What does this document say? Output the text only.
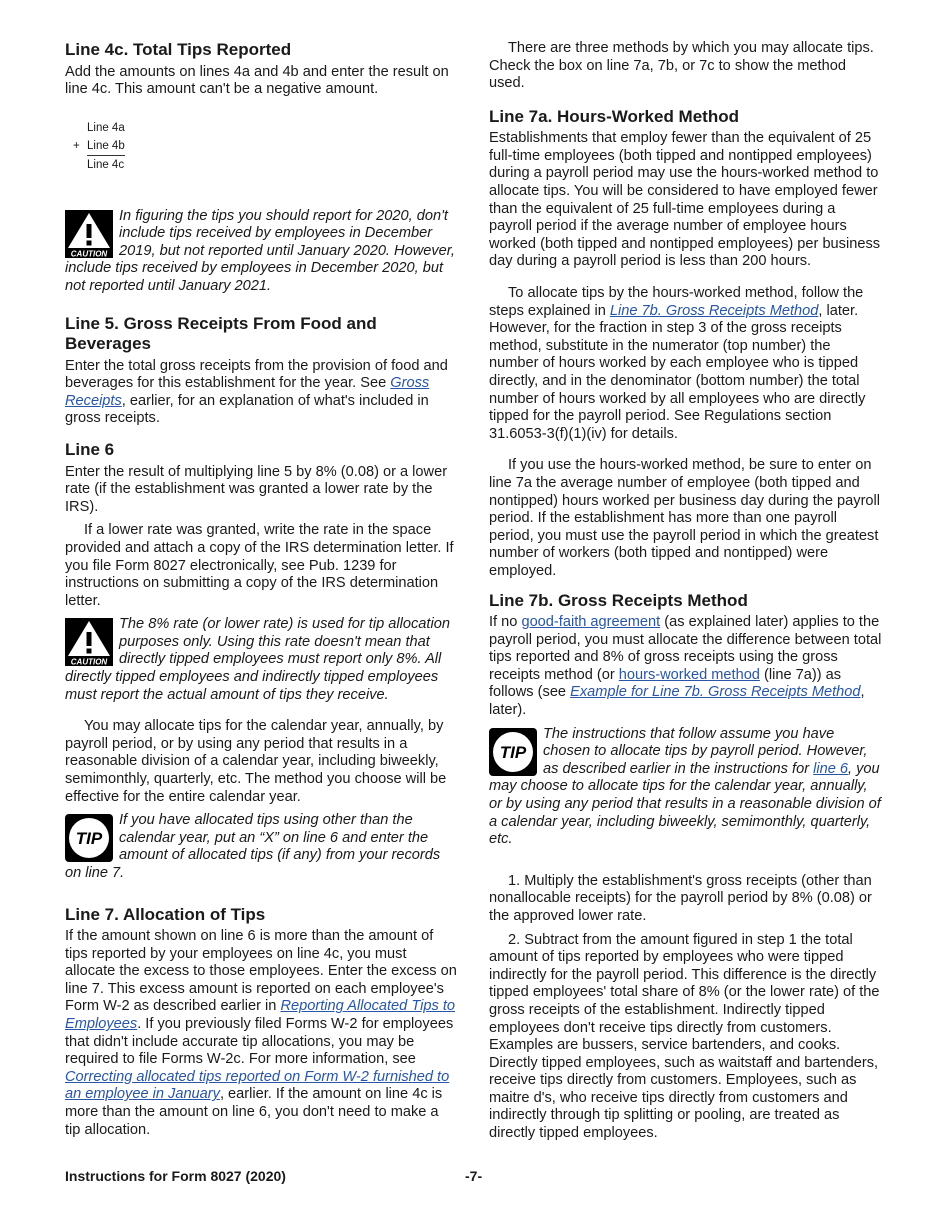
Line 4c. Total Tips Reported

Add the amounts on lines 4a and 4b and enter the result on line 4c. This amount can't be a negative amount.

Line 4a
+ Line 4b
Line 4c
CAUTION
In figuring the tips you should report for 2020, don't include tips received by employees in December 2019, but not reported until January 2020. However, include tips received by employees in December 2020, but not reported until January 2021.
Line 5. Gross Receipts From Food and Beverages

Enter the total gross receipts from the provision of food and beverages for this establishment for the year. See Gross Receipts, earlier, for an explanation of what's included in gross receipts.

Line 6

Enter the result of multiplying line 5 by 8% (0.08) or a lower rate (if the establishment was granted a lower rate by the IRS).

If a lower rate was granted, write the rate in the space provided and attach a copy of the IRS determination letter. If you file Form 8027 electronically, see Pub. 1239 for instructions on submitting a copy of the IRS determination letter.

CAUTION
The 8% rate (or lower rate) is used for tip allocation purposes only. Using this rate doesn't mean that directly tipped employees must report only 8%. All directly tipped employees and indirectly tipped employees must report the actual amount of tips they receive.

You may allocate tips for the calendar year, annually, by payroll period, or by using any period that results in a reasonable division of a calendar year, including biweekly, semimonthly, quarterly, etc. The method you choose will be effective for the entire calendar year.

TIP
If you have allocated tips using other than the calendar year, put an “X” on line 6 and enter the amount of allocated tips (if any) from your records on line 7.
Line 7. Allocation of Tips

If the amount shown on line 6 is more than the amount of tips reported by your employees on line 4c, you must allocate the excess to those employees. Enter the excess on line 7. This excess amount is reported on each employee's Form W-2 as described earlier in Reporting Allocated Tips to Employees. If you previously filed Forms W-2 for employees that didn't include accurate tip allocations, you may be required to file Forms W-2c. For more information, see Correcting allocated tips reported on Form W-2 furnished to an employee in January, earlier. If the amount on line 4c is more than the amount on line 6, you don't need to make a tip allocation.

There are three methods by which you may allocate tips. Check the box on line 7a, 7b, or 7c to show the method used.

Line 7a. Hours-Worked Method

Establishments that employ fewer than the equivalent of 25 full-time employees (both tipped and nontipped employees) during a payroll period may use the hours-worked method to allocate tips. You will be considered to have employed fewer than the equivalent of 25 full-time employees during a payroll period if the average number of employee hours worked (both tipped and nontipped employees) per business day during a payroll period is less than 200 hours.

To allocate tips by the hours-worked method, follow the steps explained in Line 7b. Gross Receipts Method, later. However, for the fraction in step 3 of the gross receipts method, substitute in the numerator (top number) the number of hours worked by each employee who is tipped directly, and in the denominator (bottom number) the total number of hours worked by all employees who are directly tipped for the payroll period. See Regulations section 31.6053-3(f)(1)(iv) for details.

If you use the hours-worked method, be sure to enter on line 7a the average number of employee (both tipped and nontipped) hours worked per business day during the payroll period. If the establishment has more than one payroll period, you must use the payroll period in which the greatest number of workers (both tipped and nontipped) were employed.

Line 7b. Gross Receipts Method

If no good-faith agreement (as explained later) applies to the payroll period, you must allocate the difference between total tips reported and 8% of gross receipts using the gross receipts method (or hours-worked method (line 7a)) as follows (see Example for Line 7b. Gross Receipts Method, later).

TIP
The instructions that follow assume you have chosen to allocate tips by payroll period. However, as described earlier in the instructions for line 6, you may choose to allocate tips for the calendar year, annually, or by using any period that results in a reasonable division of a calendar year, including biweekly, semimonthly, quarterly, etc.

1. Multiply the establishment's gross receipts (other than nonallocable receipts) for the payroll period by 8% (0.08) or the approved lower rate.

2. Subtract from the amount figured in step 1 the total amount of tips reported by employees who were tipped indirectly for the payroll period. This difference is the directly tipped employees' total share of 8% (or the lower rate) of the gross receipts of the establishment. Indirectly tipped employees don't receive tips directly from customers. Examples are bussers, service bartenders, and cooks. Directly tipped employees, such as waitstaff and bartenders, receive tips directly from customers. Employees, such as maitre d's, who receive tips directly from customers and indirectly through tip splitting or pooling, are treated as directly tipped employees.

Instructions for Form 8027 (2020)	-7-
